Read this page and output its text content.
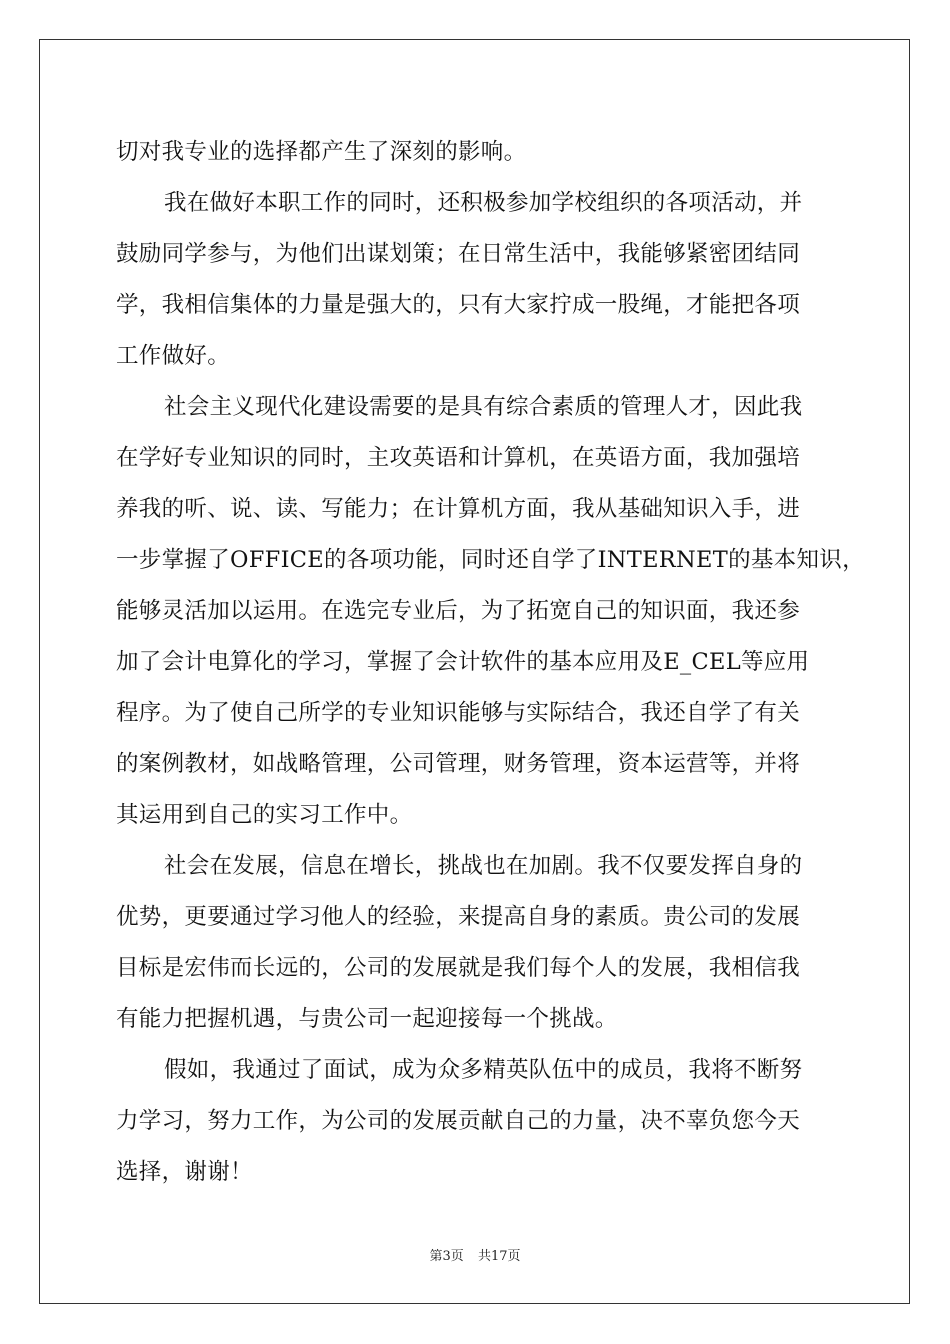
切对我专业的选择都产生了深刻的影响。
我在做好本职工作的同时，还积极参加学校组织的各项活动，并
鼓励同学参与，为他们出谋划策；在日常生活中，我能够紧密团结同
学，我相信集体的力量是强大的，只有大家拧成一股绳，才能把各项
工作做好。
社会主义现代化建设需要的是具有综合素质的管理人才，因此我
在学好专业知识的同时，主攻英语和计算机，在英语方面，我加强培
养我的听、说、读、写能力；在计算机方面，我从基础知识入手，进
一步掌握了OFFICE的各项功能，同时还自学了INTERNET的基本知识，
能够灵活加以运用。在选完专业后，为了拓宽自己的知识面，我还参
加了会计电算化的学习，掌握了会计软件的基本应用及E_CEL等应用
程序。为了使自己所学的专业知识能够与实际结合，我还自学了有关
的案例教材，如战略管理，公司管理，财务管理，资本运营等，并将
其运用到自己的实习工作中。
社会在发展，信息在增长，挑战也在加剧。我不仅要发挥自身的
优势，更要通过学习他人的经验，来提高自身的素质。贵公司的发展
目标是宏伟而长远的，公司的发展就是我们每个人的发展，我相信我
有能力把握机遇，与贵公司一起迎接每一个挑战。
假如，我通过了面试，成为众多精英队伍中的成员，我将不断努
力学习，努力工作，为公司的发展贡献自己的力量，决不辜负您今天
选择，谢谢！
第3页 共17页
